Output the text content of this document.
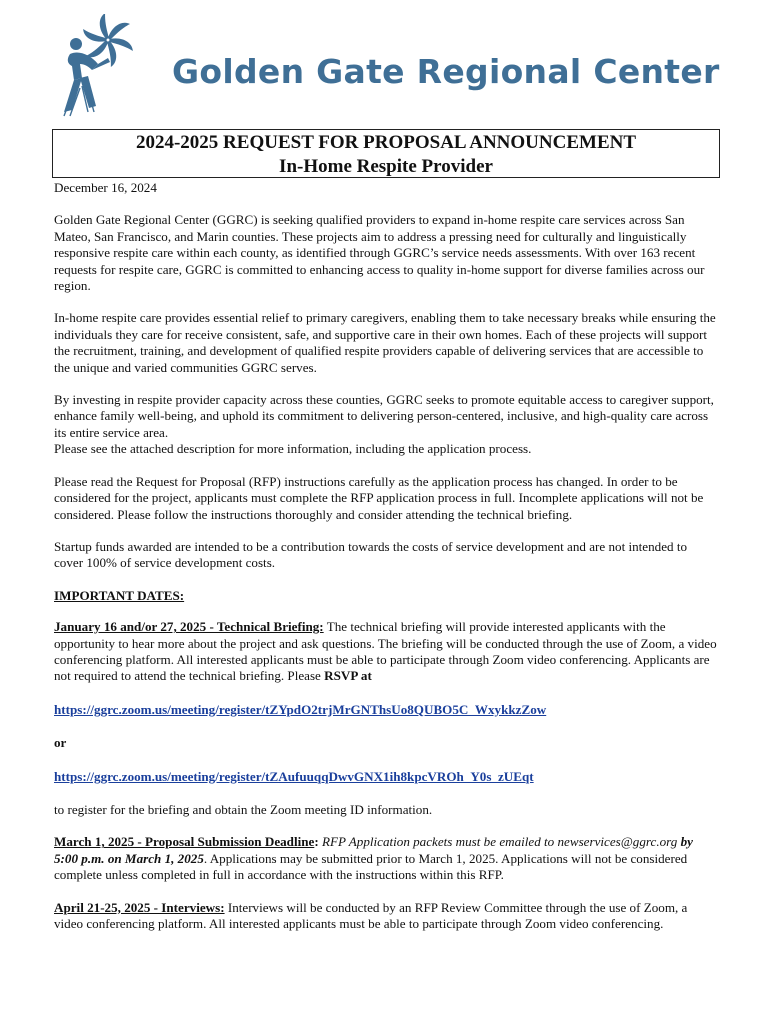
Golden Gate Regional Center
2024-2025 REQUEST FOR PROPOSAL ANNOUNCEMENT
In-Home Respite Provider

December 16, 2024

Golden Gate Regional Center (GGRC) is seeking qualified providers to expand in-home respite care services across San Mateo, San Francisco, and Marin counties. These projects aim to address a pressing need for culturally and linguistically responsive respite care within each county, as identified through GGRC’s service needs assessments. With over 163 recent requests for respite care, GGRC is committed to enhancing access to quality in-home support for diverse families across our region.

In-home respite care provides essential relief to primary caregivers, enabling them to take necessary breaks while ensuring the individuals they care for receive consistent, safe, and supportive care in their own homes. Each of these projects will support the recruitment, training, and development of qualified respite providers capable of delivering services that are accessible to the unique and varied communities GGRC serves.

By investing in respite provider capacity across these counties, GGRC seeks to promote equitable access to caregiver support, enhance family well-being, and uphold its commitment to delivering person-centered, inclusive, and high-quality care across its entire service area.

Please see the attached description for more information, including the application process.

Please read the Request for Proposal (RFP) instructions carefully as the application process has changed. In order to be considered for the project, applicants must complete the RFP application process in full. Incomplete applications will not be considered. Please follow the instructions thoroughly and consider attending the technical briefing.

Startup funds awarded are intended to be a contribution towards the costs of service development and are not intended to cover 100% of service development costs.

IMPORTANT DATES:

January 16 and/or 27, 2025 - Technical Briefing: The technical briefing will provide interested applicants with the opportunity to hear more about the project and ask questions. The briefing will be conducted through the use of Zoom, a video conferencing platform. All interested applicants must be able to participate through Zoom video conferencing. Applicants are not required to attend the technical briefing. Please RSVP at

https://ggrc.zoom.us/meeting/register/tZYpdO2trjMrGNThsUo8QUBO5C_WxykkzZow

or

https://ggrc.zoom.us/meeting/register/tZAufuuqqDwvGNX1ih8kpcVROh_Y0s_zUEqt

to register for the briefing and obtain the Zoom meeting ID information.

March 1, 2025 - Proposal Submission Deadline: RFP Application packets must be emailed to newservices@ggrc.org by 5:00 p.m. on March 1, 2025. Applications may be submitted prior to March 1, 2025. Applications will not be considered complete unless completed in full in accordance with the instructions within this RFP.

April 21-25, 2025 - Interviews: Interviews will be conducted by an RFP Review Committee through the use of Zoom, a video conferencing platform. All interested applicants must be able to participate through Zoom video conferencing.
